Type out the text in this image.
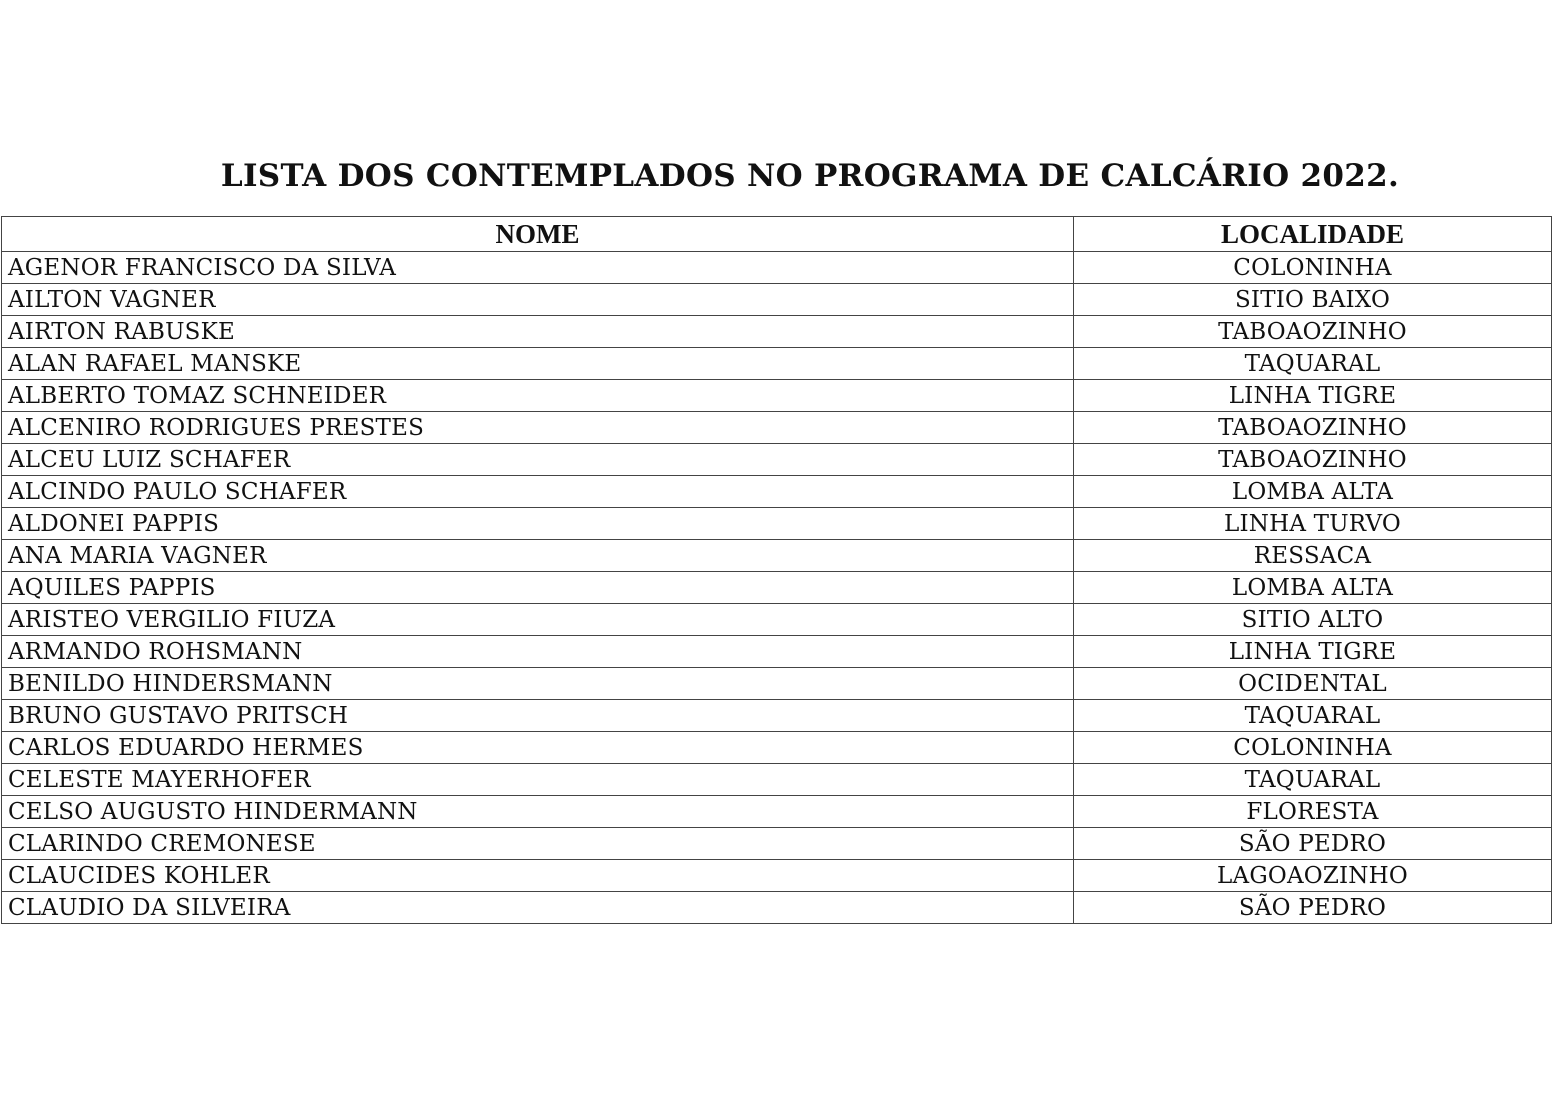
LISTA DOS CONTEMPLADOS NO PROGRAMA DE CALCÁRIO 2022.
NOME	LOCALIDADE
AGENOR FRANCISCO DA SILVA	COLONINHA
AILTON VAGNER	SITIO BAIXO
AIRTON RABUSKE	TABOAOZINHO
ALAN RAFAEL MANSKE	TAQUARAL
ALBERTO TOMAZ SCHNEIDER	LINHA TIGRE
ALCENIRO RODRIGUES PRESTES	TABOAOZINHO
ALCEU LUIZ SCHAFER	TABOAOZINHO
ALCINDO PAULO SCHAFER	LOMBA ALTA
ALDONEI PAPPIS	LINHA TURVO
ANA MARIA VAGNER	RESSACA
AQUILES PAPPIS	LOMBA ALTA
ARISTEO VERGILIO FIUZA	SITIO ALTO
ARMANDO ROHSMANN	LINHA TIGRE
BENILDO HINDERSMANN	OCIDENTAL
BRUNO GUSTAVO PRITSCH	TAQUARAL
CARLOS EDUARDO HERMES	COLONINHA
CELESTE MAYERHOFER	TAQUARAL
CELSO AUGUSTO HINDERMANN	FLORESTA
CLARINDO CREMONESE	SÃO PEDRO
CLAUCIDES KOHLER	LAGOAOZINHO
CLAUDIO DA SILVEIRA	SÃO PEDRO
